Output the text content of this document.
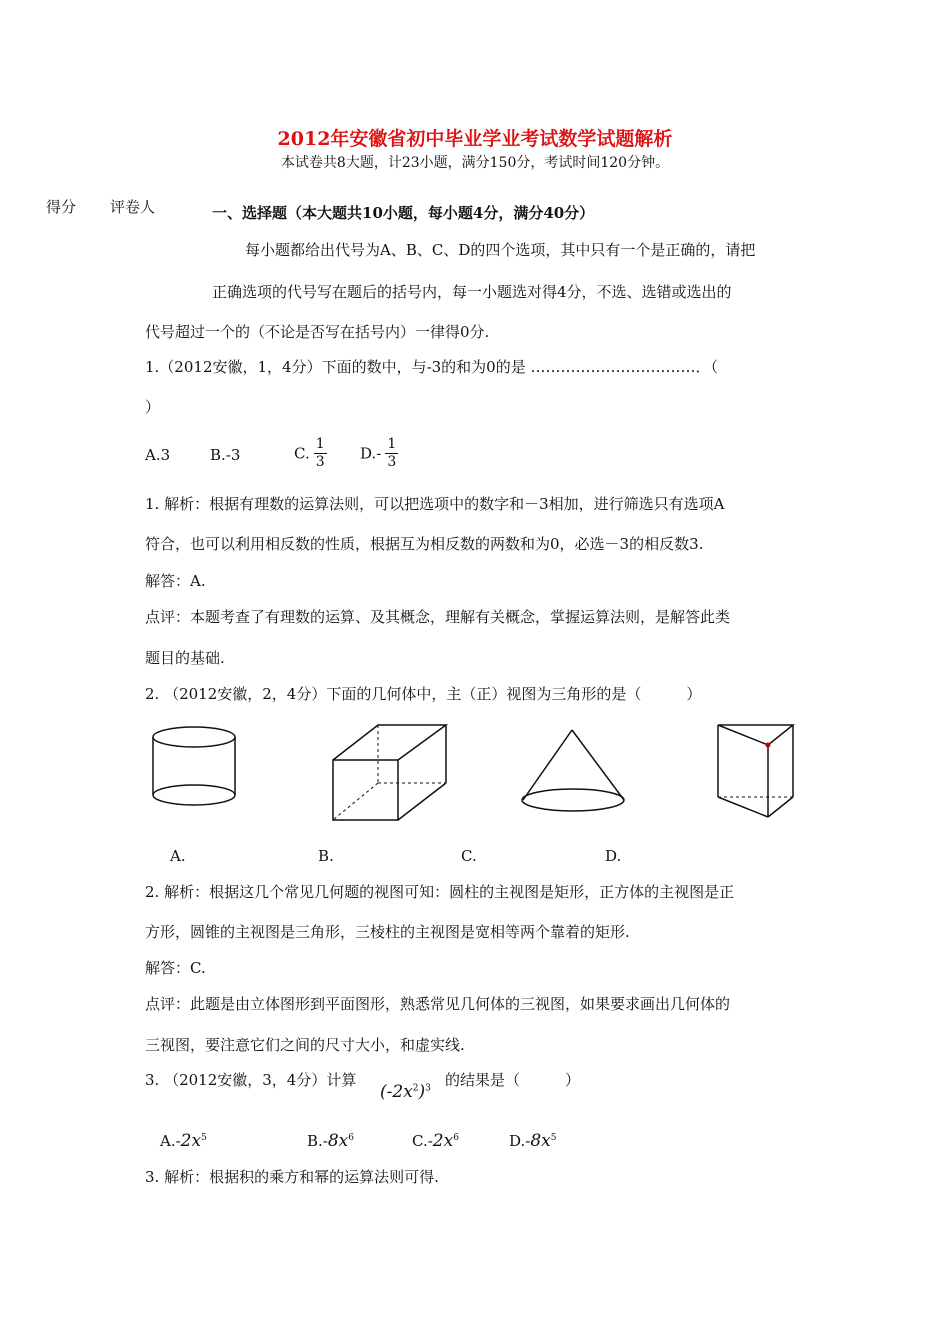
2012年安徽省初中毕业学业考试数学试题解析
本试卷共8大题，计23小题，满分150分，考试时间120分钟。
得分 评卷人	一、选择题（本大题共10小题，每小题4分，满分40分）
每小题都给出代号为A、B、C、D的四个选项，其中只有一个是正确的，请把
正确选项的代号写在题后的括号内，每一小题选对得4分，不选、选错或选出的
代号超过一个的（不论是否写在括号内）一律得0分.
1.（2012安徽，1，4分）下面的数中，与-3的和为0的是 ……………………………．（
）
A.3	B.-3	C. $\frac{1}{3} D.- \frac{1}{3}$
1. 解析：根据有理数的运算法则，可以把选项中的数字和－3相加，进行筛选只有选项A
符合，也可以利用相反数的性质，根据互为相反数的两数和为0，必选－3的相反数3.
解答：A.
点评：本题考查了有理数的运算、及其概念，理解有关概念，掌握运算法则，是解答此类
题目的基础.
2. （2012安徽，2，4分）下面的几何体中，主（正）视图为三角形的是（　　　）
A.	B.	C.	D.
2. 解析：根据这几个常见几何题的视图可知：圆柱的主视图是矩形，正方体的主视图是正
方形，圆锥的主视图是三角形，三棱柱的主视图是宽相等两个靠着的矩形.
解答：C.
点评：此题是由立体图形到平面图形，熟悉常见几何体的三视图，如果要求画出几何体的
三视图，要注意它们之间的尺寸大小，和虚实线.
3. （2012安徽，3，4分）计算
$(-2x^2)^3$ 的结果是（　　　）
$A.-2x^5$	$B.-8x^6$	$C.-2x^6$	$D.-8x^5$
3. 解析：根据积的乘方和幂的运算法则可得.
